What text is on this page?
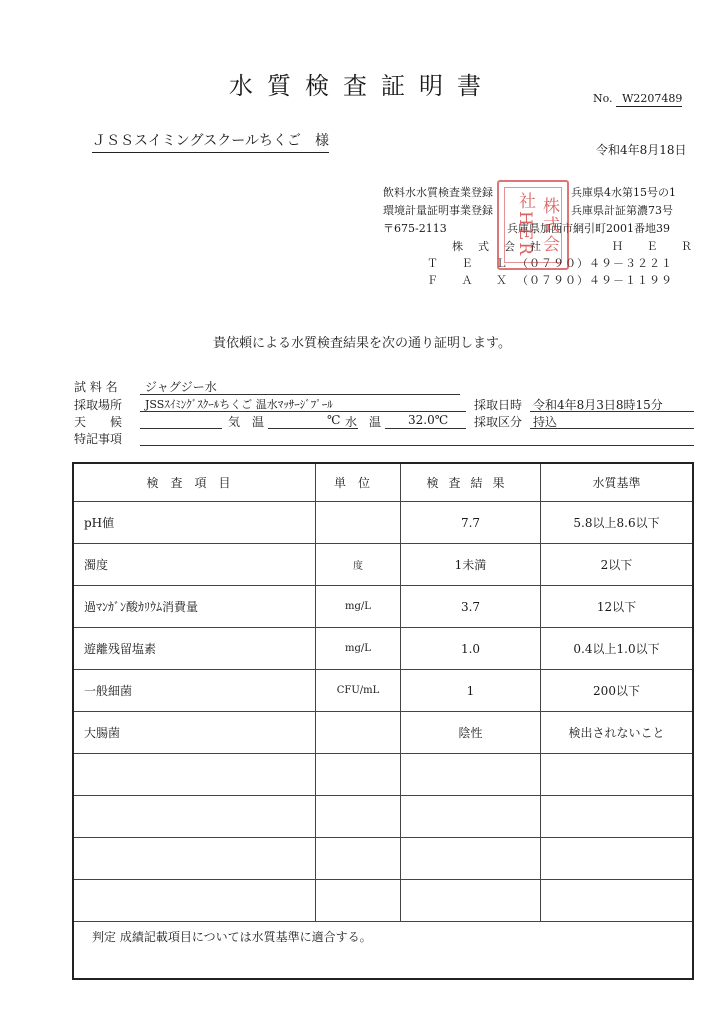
水質検査証明書	No. W2207489
ＪＳＳスイミングスクールちくご　様
令和4年8月18日
飲料水水質検査業登録	兵庫県4水第15号の1
環境計量証明事業登録	兵庫県計証第濃73号
〒675-2113	兵庫県加西市網引町2001番地39
株　式　会　社	Ｈ Ｅ Ｒ
Ｔ Ｅ Ｌ （０７９０）４９－３２２１
Ｆ Ａ Ｘ （０７９０）４９－１１９９
株式会社HER
貴依頼による水質検査結果を次の通り証明します。
試 料 名 ジャグジー水
採取場所 JSSｽｲﾐﾝｸﾞｽｸｰﾙちくご 温水ﾏｯｻｰｼﾞﾌﾟｰﾙ	採取日時 令和4年8月3日8時15分
天　　候	気　温	℃ 水　温 32.0℃ 採取区分 持込
特記事項
検査項目	単位	検査結果	水質基準
pH値		7.7	5.8以上8.6以下
濁度	度	1未満	2以下
過ﾏﾝｶﾞﾝ酸ｶﾘｳﾑ消費量	mg/L	3.7	12以下
遊離残留塩素	mg/L	1.0	0.4以上1.0以下
一般細菌	CFU/mL	1	200以下
大腸菌		陰性	検出されないこと

判定 成績記載項目については水質基準に適合する。			
